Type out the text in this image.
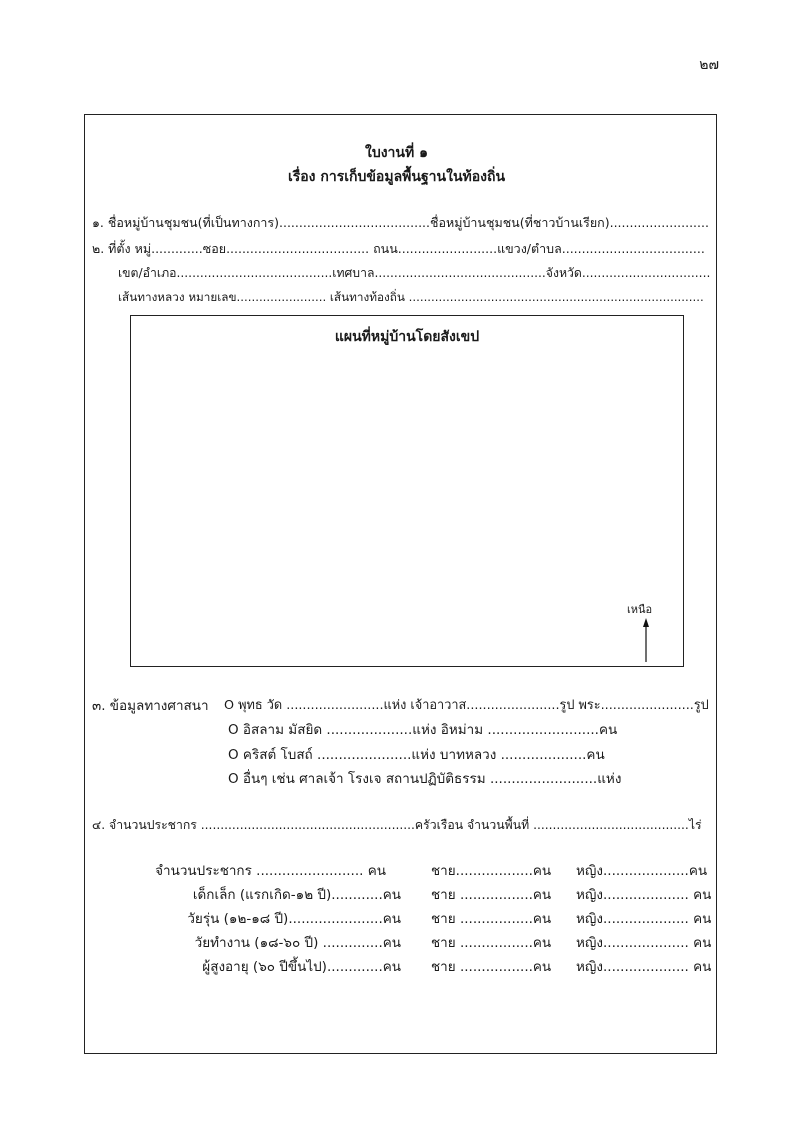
๒๗
ใบงานที่ ๑
เรื่อง การเก็บข้อมูลพื้นฐานในท้องถิ่น
๑. ชื่อหมู่บ้านชุมชน(ที่เป็นทางการ)......................................ชื่อหมู่บ้านชุมชน(ที่ชาวบ้านเรียก).........................
๒. ที่ตั้ง หมู่.............ซอย.................................... ถนน.........................แขวง/ตำบล....................................
เขต/อำเภอ........................................เทศบาล............................................จังหวัด.................................
เส้นทางหลวง หมายเลข........................ เส้นทางท้องถิ่น ...............................................................................
แผนที่หมู่บ้านโดยสังเขป
เหนือ
๓. ข้อมูลทางศาสนา O พุทธ วัด ........................แห่ง เจ้าอาวาส.......................รูป พระ.......................รูป
O อิสลาม มัสยิด ....................แห่ง อิหม่าม ..........................คน
O คริสต์ โบสถ์ ......................แห่ง บาทหลวง ....................คน
O อื่นๆ เช่น ศาลเจ้า โรงเจ สถานปฏิบัติธรรม .........................แห่ง
๔. จำนวนประชากร .......................................................ครัวเรือน จำนวนพื้นที่ ........................................ไร่
จำนวนประชากร ......................... คน	ชาย..................คน หญิง....................คน
เด็กเล็ก (แรกเกิด-๑๒ ปี)............คน ชาย .................คน หญิง.................... คน
วัยรุ่น (๑๒-๑๘ ปี)......................คน ชาย .................คน หญิง.................... คน
วัยทำงาน (๑๘-๖๐ ปี) ..............คน ชาย .................คน หญิง.................... คน
ผู้สูงอายุ (๖๐ ปีขึ้นไป).............คน ชาย .................คน หญิง.................... คน
